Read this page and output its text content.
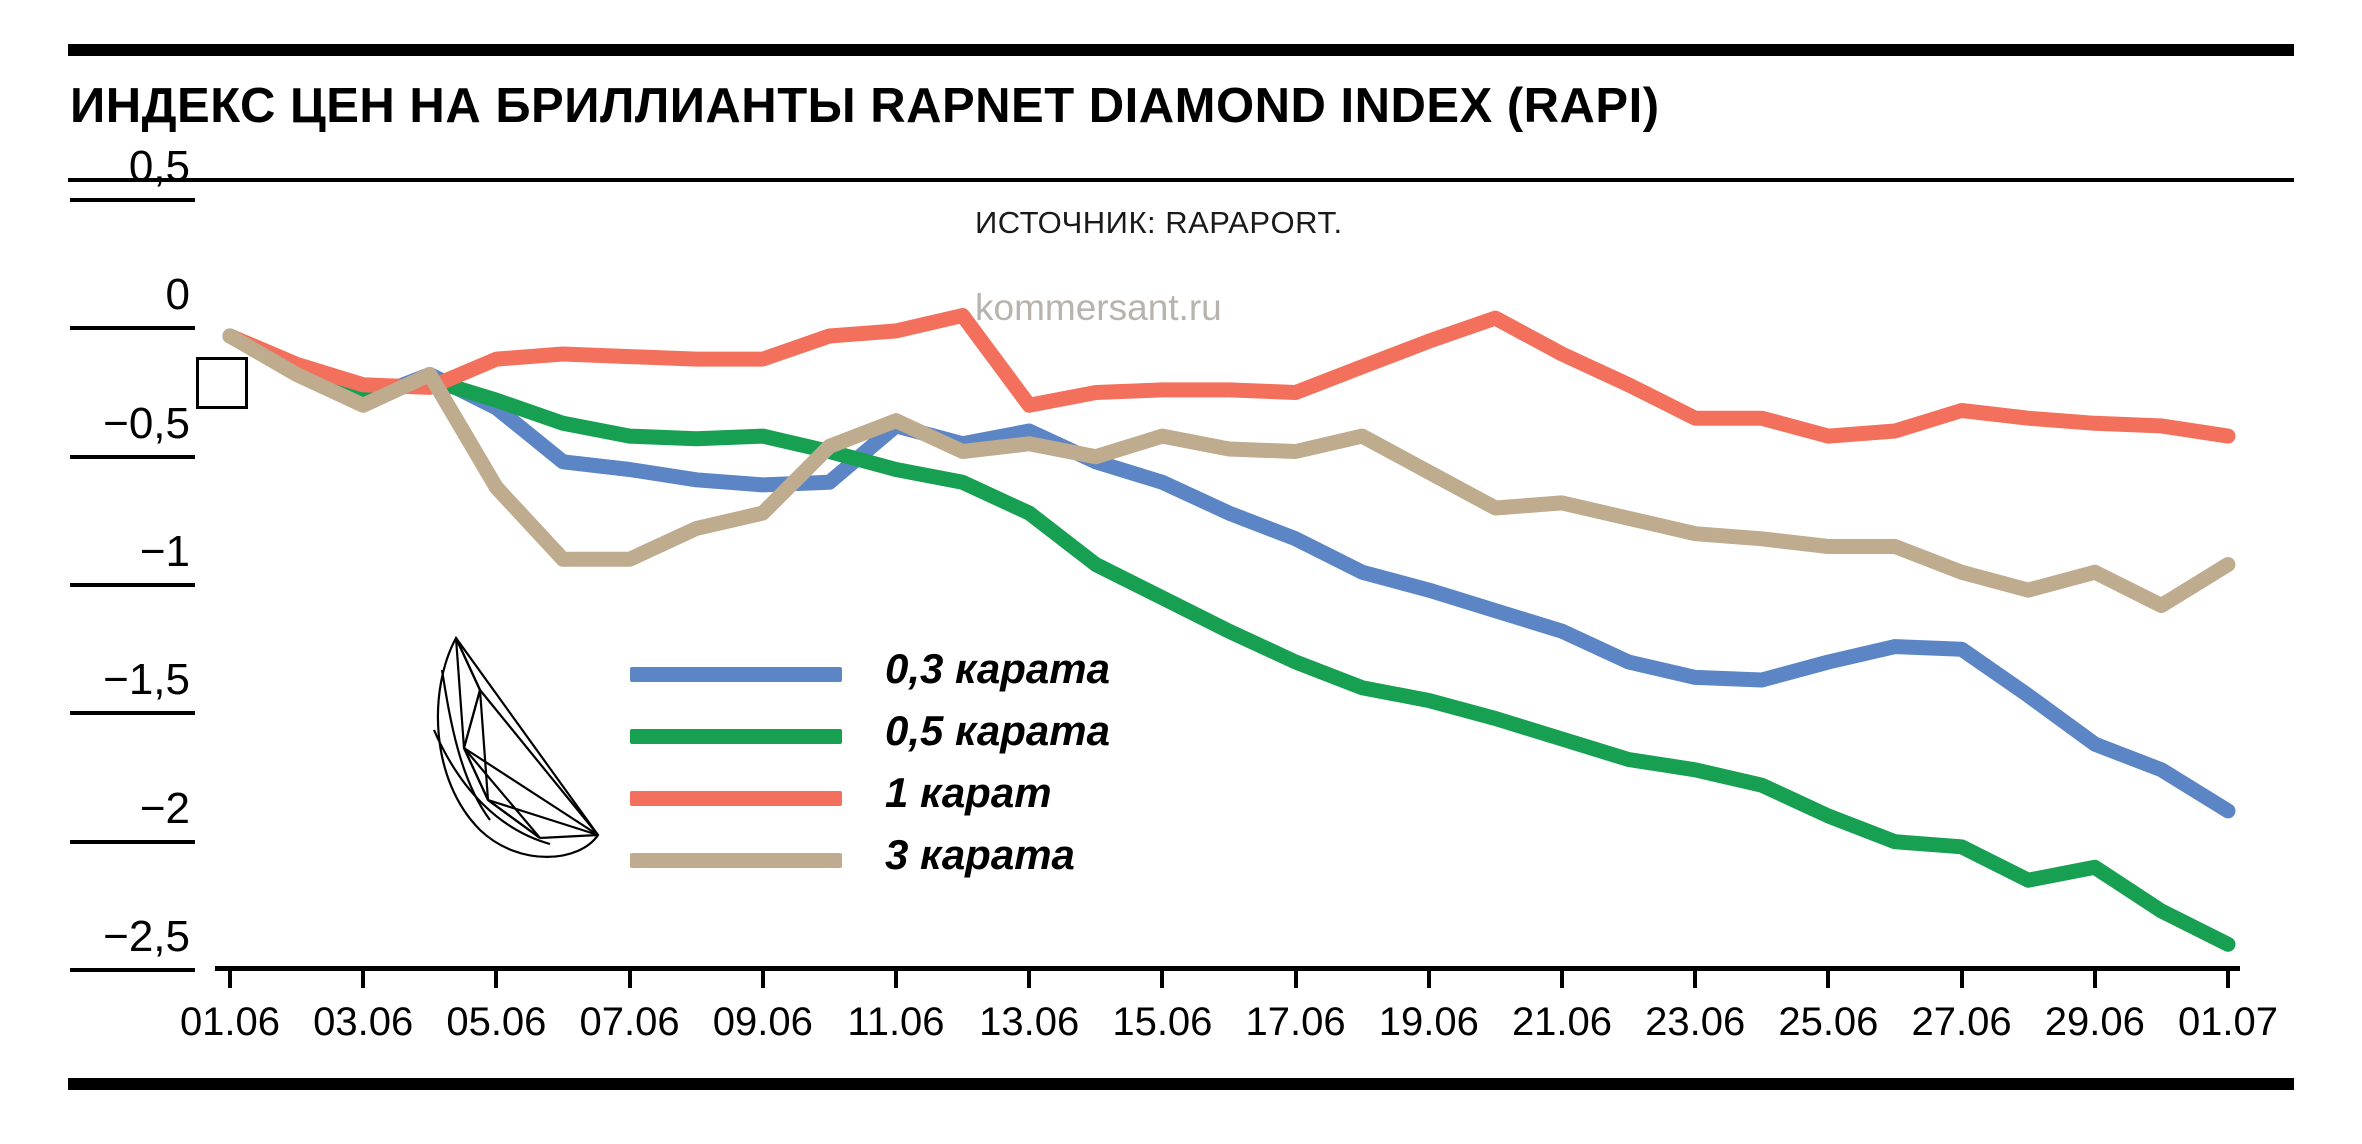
ИНДЕКС ЦЕН НА БРИЛЛИАНТЫ RAPNET DIAMOND INDEX (RAPI)
ИСТОЧНИК: RAPAPORT.
kommersant.ru
0,5
0
−0,5
−1
−1,5
−2
−2,5
01.06 03.06 05.06 07.06 09.06 11.06 13.06 15.06 17.06 19.06 21.06 23.06 25.06 27.06 29.06 01.07
0,3 карата
0,5 карата
1 карат
3 карата
